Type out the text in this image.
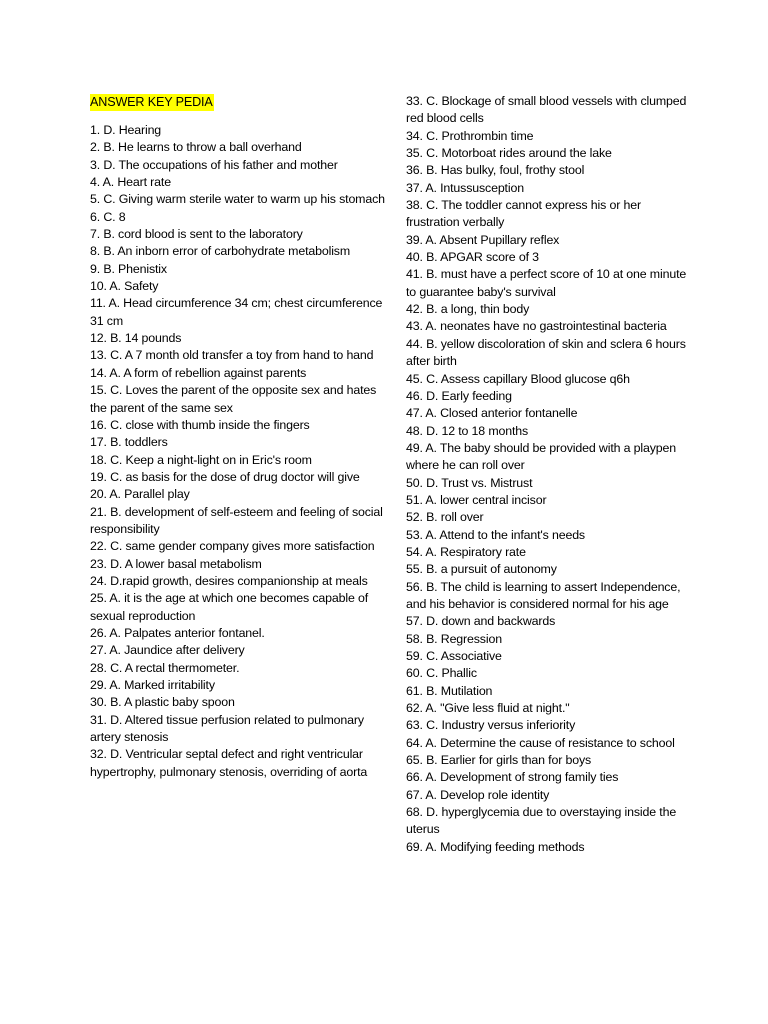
ANSWER KEY PEDIA
1. D. Hearing
2. B. He learns to throw a ball overhand
3. D. The occupations of his father and mother
4. A. Heart rate
5. C. Giving warm sterile water to warm up his stomach
6. C. 8
7. B. cord blood is sent to the laboratory
8. B. An inborn error of carbohydrate metabolism
9. B. Phenistix
10. A. Safety
11. A. Head circumference 34 cm; chest circumference 31 cm
12. B. 14 pounds
13. C. A 7 month old transfer a toy from hand to hand
14. A. A form of rebellion against parents
15. C. Loves the parent of the opposite sex and hates the parent of the same sex
16. C. close with thumb inside the fingers
17. B. toddlers
18. C. Keep a night-light on in Eric's room
19. C. as basis for the dose of drug doctor will give
20. A. Parallel play
21. B. development of self-esteem and feeling of social responsibility
22. C. same gender company gives more satisfaction
23. D. A lower basal metabolism
24. D.rapid growth, desires companionship at meals
25. A. it is the age at which one becomes capable of sexual reproduction
26. A. Palpates anterior fontanel.
27. A. Jaundice after delivery
28. C. A rectal thermometer.
29. A. Marked irritability
30. B. A plastic baby spoon
31. D. Altered tissue perfusion related to pulmonary artery stenosis
32. D. Ventricular septal defect and right ventricular hypertrophy, pulmonary stenosis, overriding of aorta
33. C. Blockage of small blood vessels with clumped red blood cells
34. C. Prothrombin time
35. C. Motorboat rides around the lake
36. B. Has bulky, foul, frothy stool
37. A. Intussusception
38. C. The toddler cannot express his or her frustration verbally
39. A. Absent Pupillary reflex
40. B. APGAR score of 3
41. B. must have a perfect score of 10 at one minute to guarantee baby's survival
42. B. a long, thin body
43. A. neonates have no gastrointestinal bacteria
44. B. yellow discoloration of skin and sclera 6 hours after birth
45. C. Assess capillary Blood glucose q6h
46. D. Early feeding
47. A. Closed anterior fontanelle
48. D. 12 to 18 months
49. A. The baby should be provided with a playpen where he can roll over
50. D. Trust vs. Mistrust
51. A. lower central incisor
52. B. roll over
53. A. Attend to the infant's needs
54. A. Respiratory rate
55. B. a pursuit of autonomy
56. B. The child is learning to assert Independence, and his behavior is considered normal for his age
57. D. down and backwards
58. B. Regression
59. C. Associative
60. C. Phallic
61. B. Mutilation
62. A. "Give less fluid at night."
63. C. Industry versus inferiority
64. A. Determine the cause of resistance to school
65. B. Earlier for girls than for boys
66. A. Development of strong family ties
67. A. Develop role identity
68. D. hyperglycemia due to overstaying inside the uterus
69. A. Modifying feeding methods
